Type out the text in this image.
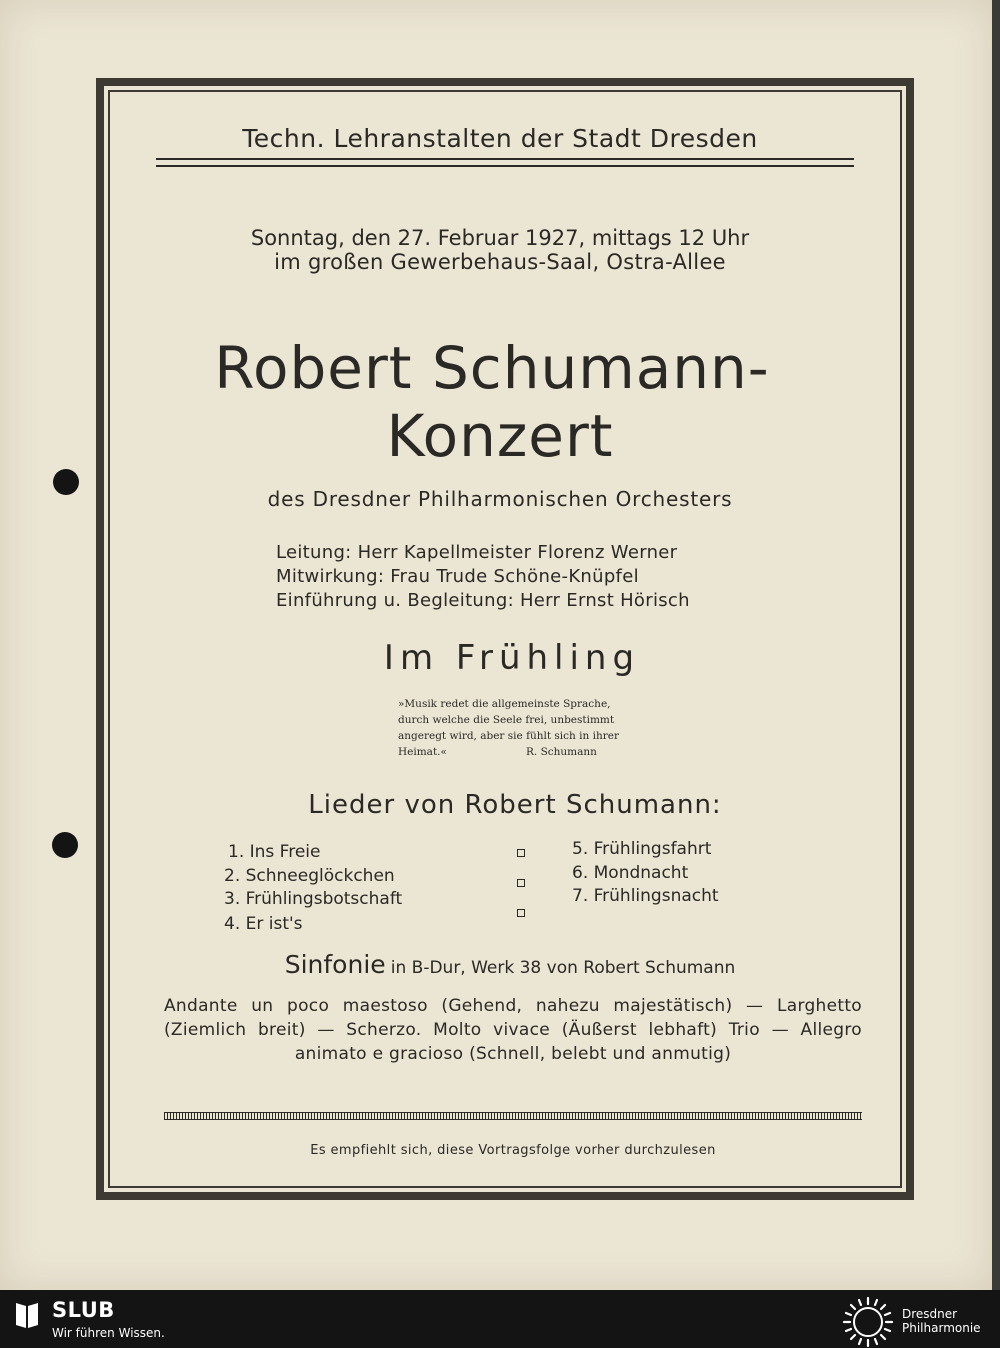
Techn. Lehranstalten der Stadt Dresden
Sonntag, den 27. Februar 1927, mittags 12 Uhr
im großen Gewerbehaus-Saal, Ostra-Allee
Robert Schumann-
Konzert
des Dresdner Philharmonischen Orchesters
Leitung: Herr Kapellmeister Florenz Werner
Mitwirkung: Frau Trude Schöne-Knüpfel
Einführung u. Begleitung: Herr Ernst Hörisch
Im Frühling
»Musik redet die allgemeinste Sprache, durch welche die Seele frei, unbestimmt angeregt wird, aber sie fühlt sich in ihrer Heimat.«	R. Schumann
Lieder von Robert Schumann:
1. Ins Freie
2. Schneeglöckchen
3. Frühlingsbotschaft
4. Er ist's
5. Frühlingsfahrt
6. Mondnacht
7. Frühlingsnacht
Sinfonie in B-Dur, Werk 38 von Robert Schumann
Andante un poco maestoso (Gehend, nahezu majestätisch) — Larghetto (Ziemlich breit) — Scherzo. Molto vivace (Äußerst lebhaft) Trio — Allegro animato e gracioso (Schnell, belebt und anmutig)
Es empfiehlt sich, diese Vortragsfolge vorher durchzulesen
SLUB
Wir führen Wissen.
Dresdner
Philharmonie
